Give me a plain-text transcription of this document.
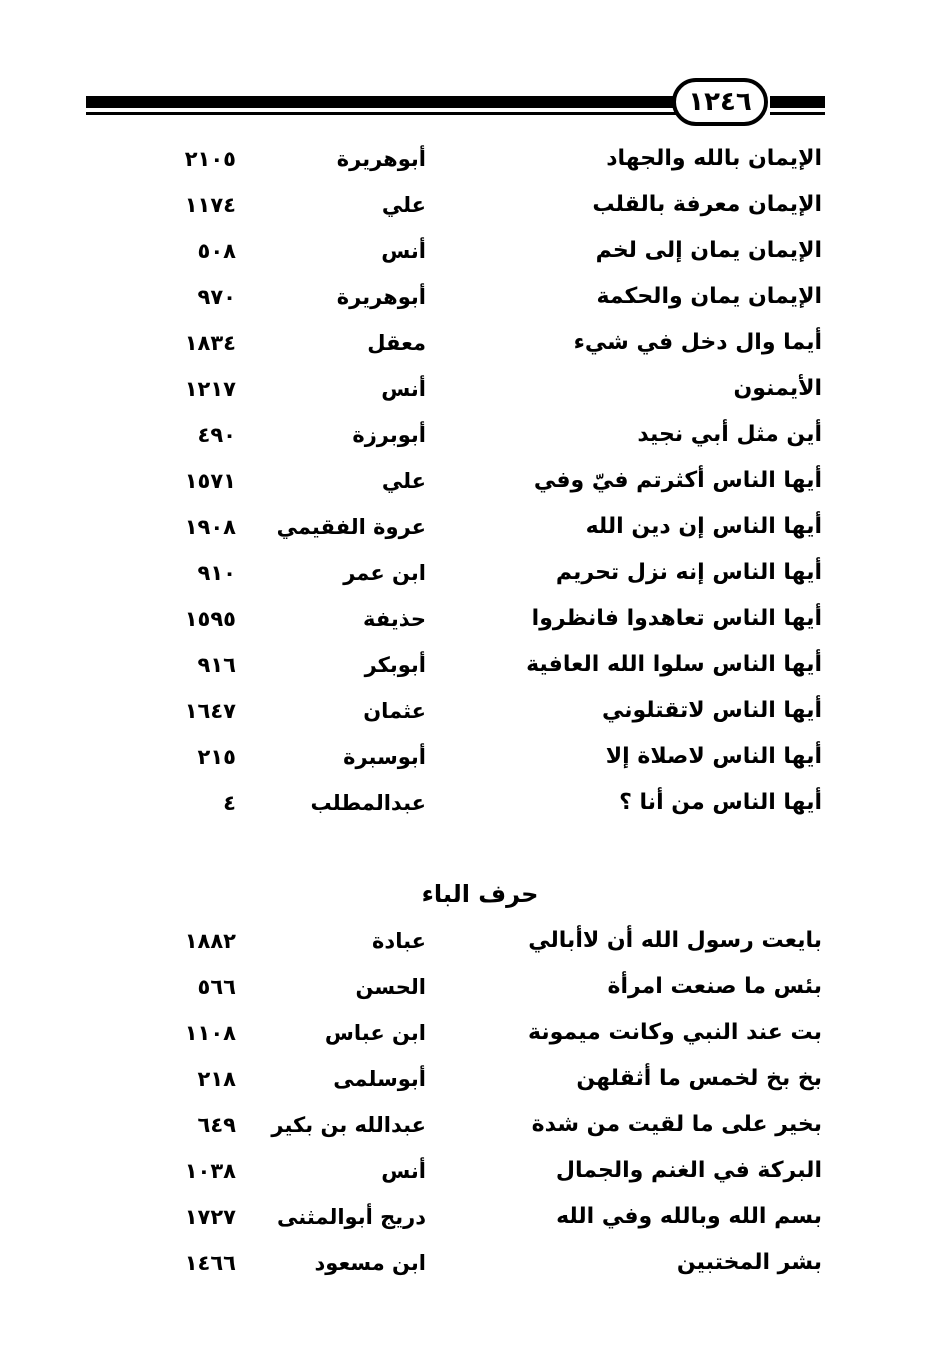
١٢٤٦
الإيمان بالله والجهاد
أبوهريرة
٢١٠٥
الإيمان معرفة بالقلب
علي
١١٧٤
الإيمان يمان إلى لخم
أنس
٥٠٨
الإيمان يمان والحكمة
أبوهريرة
٩٧٠
أيما وال دخل في شيء
معقل
١٨٣٤
الأيمنون
أنس
١٢١٧
أين مثل أبي نجيد
أبوبرزة
٤٩٠
أيها الناس أكثرتم فيّ وفي
علي
١٥٧١
أيها الناس إن دين الله
عروة الفقيمي
١٩٠٨
أيها الناس إنه نزل تحريم
ابن عمر
٩١٠
أيها الناس تعاهدوا فانظروا
حذيفة
١٥٩٥
أيها الناس سلوا الله العافية
أبوبكر
٩١٦
أيها الناس لاتقتلوني
عثمان
١٦٤٧
أيها الناس لاصلاة إلا
أبوسبرة
٢١٥
أيها الناس من أنا ؟
عبدالمطلب
٤
حرف الباء
بايعت رسول الله أن لاأبالي
عبادة
١٨٨٢
بئس ما صنعت امرأة
الحسن
٥٦٦
بت عند النبي وكانت ميمونة
ابن عباس
١١٠٨
بخ بخ لخمس ما أثقلهن
أبوسلمى
٢١٨
بخير على ما لقيت من شدة
عبدالله بن بكير
٦٤٩
البركة في الغنم والجمال
أنس
١٠٣٨
بسم الله وبالله وفي الله
دريج أبوالمثنى
١٧٢٧
بشر المختبين
ابن مسعود
١٤٦٦
